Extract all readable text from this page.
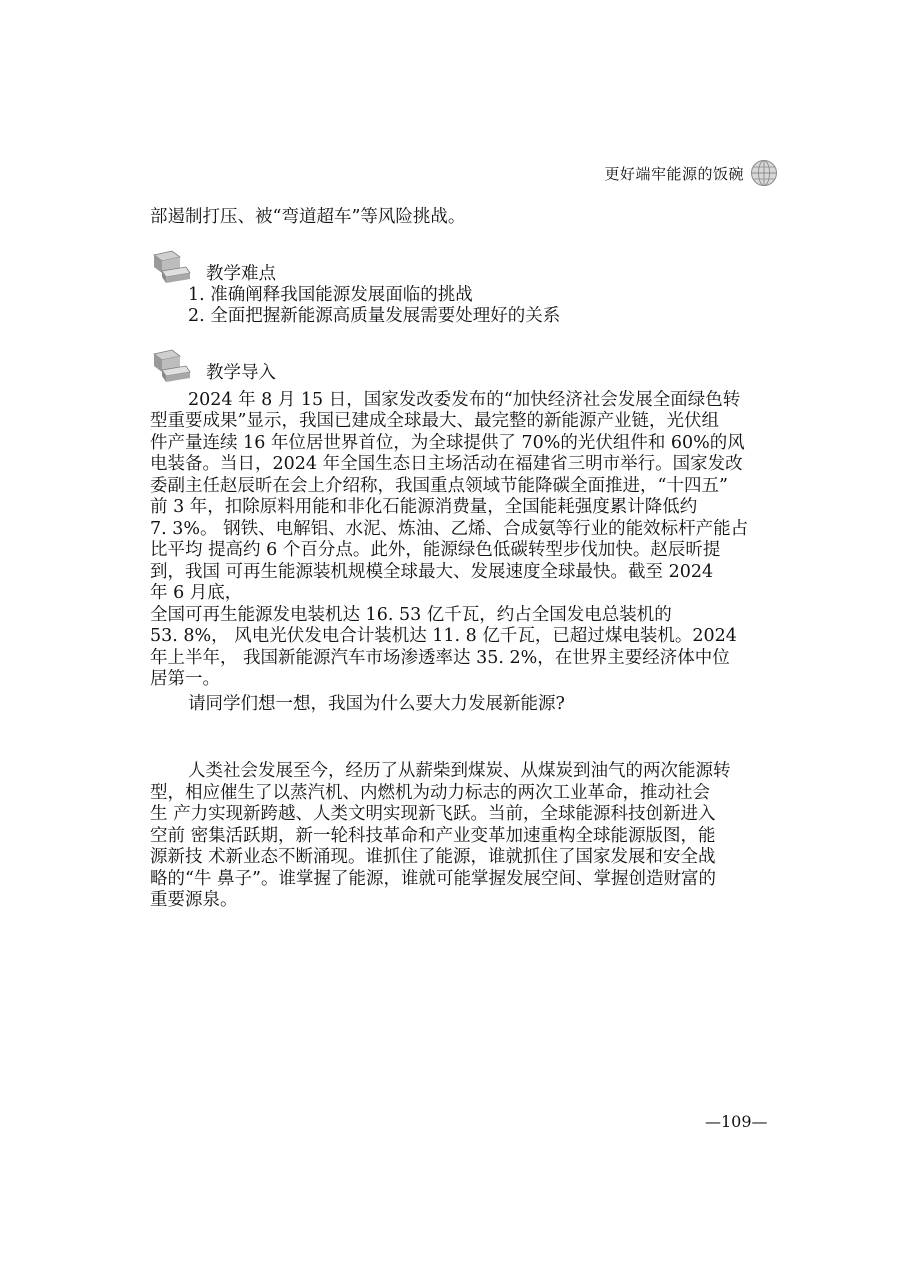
更好端牢能源的饭碗
部遏制打压、被“弯道超车”等风险挑战。
教学难点
1. 准确阐释我国能源发展面临的挑战
2. 全面把握新能源高质量发展需要处理好的关系
教学导入
2024 年 8 月 15 日，国家发改委发布的“加快经济社会发展全面绿色转
型重要成果”显示，我国已建成全球最大、最完整的新能源产业链，光伏组
件产量连续 16 年位居世界首位，为全球提供了 70%的光伏组件和 60%的风
电装备。当日，2024 年全国生态日主场活动在福建省三明市举行。国家发改
委副主任赵辰昕在会上介绍称，我国重点领域节能降碳全面推进，“十四五”
前 3 年，扣除原料用能和非化石能源消费量，全国能耗强度累计降低约
7. 3%。 钢铁、电解铝、水泥、炼油、乙烯、合成氨等行业的能效标杆产能占
比平均 提高约 6 个百分点。此外，能源绿色低碳转型步伐加快。赵辰昕提
到，我国 可再生能源装机规模全球最大、发展速度全球最快。截至 2024
年 6 月底，
全国可再生能源发电装机达 16. 53 亿千瓦，约占全国发电总装机的
53. 8%， 风电光伏发电合计装机达 11. 8 亿千瓦，已超过煤电装机。2024
年上半年， 我国新能源汽车市场渗透率达 35. 2%，在世界主要经济体中位
居第一。
请同学们想一想，我国为什么要大力发展新能源?
人类社会发展至今，经历了从薪柴到煤炭、从煤炭到油气的两次能源转
型，相应催生了以蒸汽机、内燃机为动力标志的两次工业革命，推动社会
生 产力实现新跨越、人类文明实现新飞跃。当前，全球能源科技创新进入
空前 密集活跃期，新一轮科技革命和产业变革加速重构全球能源版图，能
源新技 术新业态不断涌现。谁抓住了能源，谁就抓住了国家发展和安全战
略的“牛 鼻子”。谁掌握了能源，谁就可能掌握发展空间、掌握创造财富的
重要源泉。
—109—
